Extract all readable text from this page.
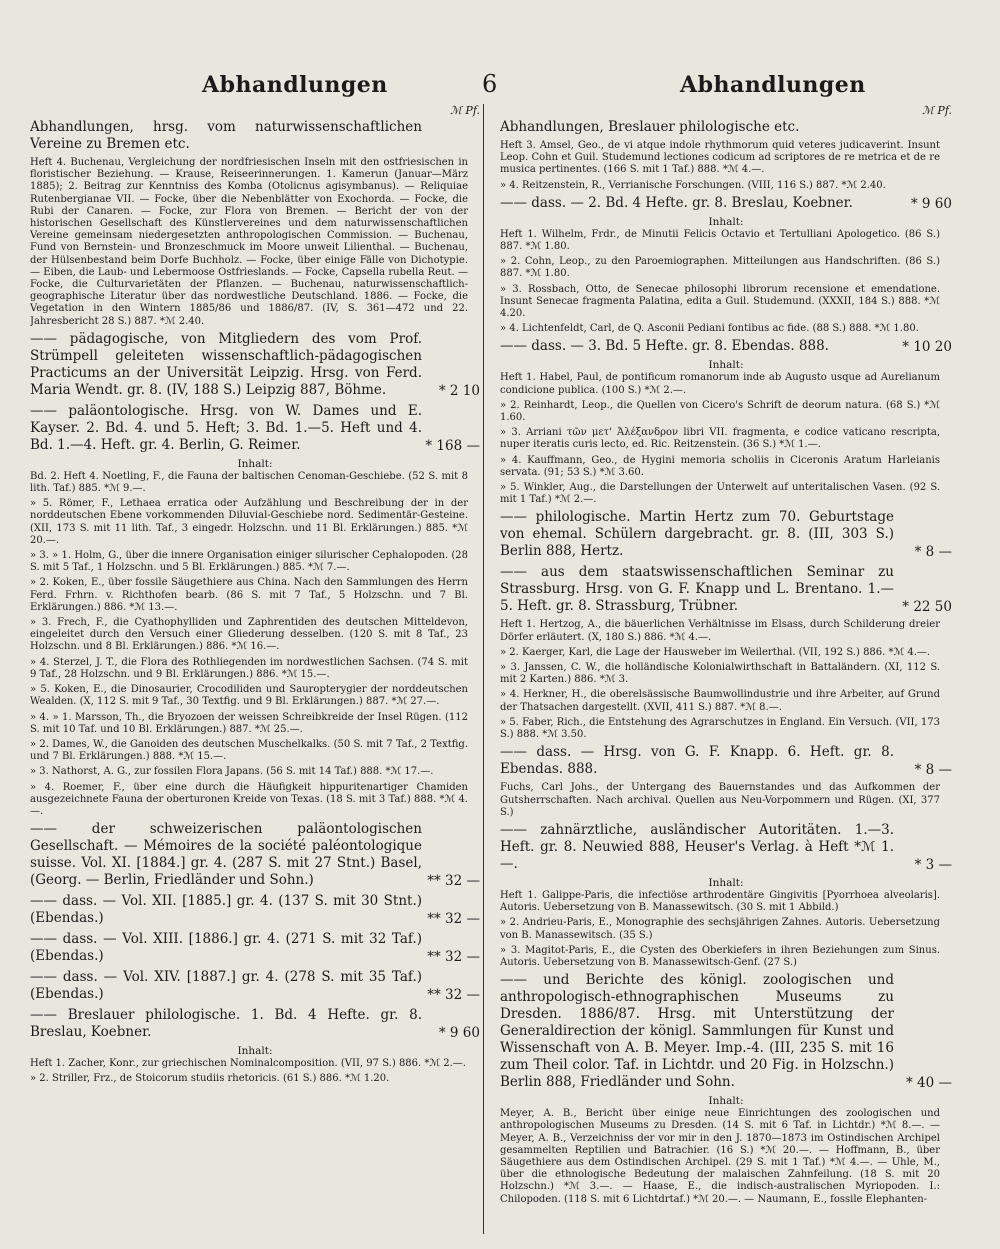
Abhandlungen	6	Abhandlungen
ℳ Pf.
Abhandlungen, hrsg. vom naturwissenschaftlichen Vereine zu Bremen etc.
Heft 4. Buchenau, Vergleichung der nordfriesischen Inseln mit den ostfriesischen in floristischer Beziehung. — Krause, Reiseerinnerungen. 1. Kamerun (Januar—März 1885); 2. Beitrag zur Kenntniss des Komba (Otolicnus agisymbanus). — Reliquiae Rutenbergianae VII. — Focke, über die Nebenblätter von Exochorda. — Focke, die Rubi der Canaren. — Focke, zur Flora von Bremen. — Bericht der von der historischen Gesellschaft des Künstlervereines und dem naturwissenschaftlichen Vereine gemeinsam niedergesetzten anthropologischen Commission. — Buchenau, Fund von Bernstein- und Bronzeschmuck im Moore unweit Lilienthal. — Buchenau, der Hülsenbestand beim Dorfe Buchholz. — Focke, über einige Fälle von Dichotypie. — Eiben, die Laub- und Lebermoose Ostfrieslands. — Focke, Capsella rubella Reut. — Focke, die Culturvarietäten der Pflanzen. — Buchenau, naturwissenschaftlich-geographische Literatur über das nordwestliche Deutschland. 1886. — Focke, die Vegetation in den Wintern 1885/86 und 1886/87. (IV, S. 361—472 und 22. Jahresbericht 28 S.) 887. *ℳ 2.40.
—— pädagogische, von Mitgliedern des vom Prof. Strümpell geleiteten wissenschaftlich-pädagogischen Practicums an der Universität Leipzig. Hrsg. von Ferd. Maria Wendt. gr. 8. (IV, 188 S.) Leipzig 887, Böhme.	* 2 10
—— paläontologische. Hrsg. von W. Dames und E. Kayser. 2. Bd. 4. und 5. Heft; 3. Bd. 1.—5. Heft und 4. Bd. 1.—4. Heft. gr. 4. Berlin, G. Reimer.	* 168 —
Inhalt:
Bd. 2. Heft 4. Noetling, F., die Fauna der baltischen Cenoman-Geschiebe. (52 S. mit 8 lith. Taf.) 885. *ℳ 9.—.
» 5. Römer, F., Lethaea erratica oder Aufzählung und Beschreibung der in der norddeutschen Ebene vorkommenden Diluvial-Geschiebe nord. Sedimentär-Gesteine. (XII, 173 S. mit 11 lith. Taf., 3 eingedr. Holzschn. und 11 Bl. Erklärungen.) 885. *ℳ 20.—.
» 3. » 1. Holm, G., über die innere Organisation einiger silurischer Cephalopoden. (28 S. mit 5 Taf., 1 Holzschn. und 5 Bl. Erklärungen.) 885. *ℳ 7.—.
» 2. Koken, E., über fossile Säugethiere aus China. Nach den Sammlungen des Herrn Ferd. Frhrn. v. Richthofen bearb. (86 S. mit 7 Taf., 5 Holzschn. und 7 Bl. Erklärungen.) 886. *ℳ 13.—.
» 3. Frech, F., die Cyathophylliden und Zaphrentiden des deutschen Mitteldevon, eingeleitet durch den Versuch einer Gliederung desselben. (120 S. mit 8 Taf., 23 Holzschn. und 8 Bl. Erklärungen.) 886. *ℳ 16.—.
» 4. Sterzel, J. T., die Flora des Rothliegenden im nordwestlichen Sachsen. (74 S. mit 9 Taf., 28 Holzschn. und 9 Bl. Erklärungen.) 886. *ℳ 15.—.
» 5. Koken, E., die Dinosaurier, Crocodiliden und Sauropterygier der norddeutschen Wealden. (X, 112 S. mit 9 Taf., 30 Textfig. und 9 Bl. Erklärungen.) 887. *ℳ 27.—.
» 4. » 1. Marsson, Th., die Bryozoen der weissen Schreibkreide der Insel Rügen. (112 S. mit 10 Taf. und 10 Bl. Erklärungen.) 887. *ℳ 25.—.
» 2. Dames, W., die Ganoiden des deutschen Muschelkalks. (50 S. mit 7 Taf., 2 Textfig. und 7 Bl. Erklärungen.) 888. *ℳ 15.—.
» 3. Nathorst, A. G., zur fossilen Flora Japans. (56 S. mit 14 Taf.) 888. *ℳ 17.—.
» 4. Roemer, F., über eine durch die Häufigkeit hippuritenartiger Chamiden ausgezeichnete Fauna der oberturonen Kreide von Texas. (18 S. mit 3 Taf.) 888. *ℳ 4.—.
—— der schweizerischen paläontologischen Gesellschaft. — Mémoires de la société paléontologique suisse. Vol. XI. [1884.] gr. 4. (287 S. mit 27 Stnt.) Basel, (Georg. — Berlin, Friedländer und Sohn.)	** 32 —
—— dass. — Vol. XII. [1885.] gr. 4. (137 S. mit 30 Stnt.) (Ebendas.)	** 32 —
—— dass. — Vol. XIII. [1886.] gr. 4. (271 S. mit 32 Taf.) (Ebendas.)	** 32 —
—— dass. — Vol. XIV. [1887.] gr. 4. (278 S. mit 35 Taf.) (Ebendas.)	** 32 —
—— Breslauer philologische. 1. Bd. 4 Hefte. gr. 8. Breslau, Koebner.	* 9 60
Inhalt:
Heft 1. Zacher, Konr., zur griechischen Nominalcomposition. (VII, 97 S.) 886. *ℳ 2.—.
» 2. Striller, Frz., de Stoicorum studiis rhetoricis. (61 S.) 886. *ℳ 1.20.
ℳ Pf.
Abhandlungen, Breslauer philologische etc.
Heft 3. Amsel, Geo., de vi atque indole rhythmorum quid veteres judicaverint. Insunt Leop. Cohn et Guil. Studemund lectiones codicum ad scriptores de re metrica et de re musica pertinentes. (166 S. mit 1 Taf.) 888. *ℳ 4.—.
» 4. Reitzenstein, R., Verrianische Forschungen. (VIII, 116 S.) 887. *ℳ 2.40.
—— dass. — 2. Bd. 4 Hefte. gr. 8. Breslau, Koebner.	* 9 60
Inhalt:
Heft 1. Wilhelm, Frdr., de Minutii Felicis Octavio et Tertulliani Apologetico. (86 S.) 887. *ℳ 1.80.
» 2. Cohn, Leop., zu den Paroemiographen. Mitteilungen aus Handschriften. (86 S.) 887. *ℳ 1.80.
» 3. Rossbach, Otto, de Senecae philosophi librorum recensione et emendatione. Insunt Senecae fragmenta Palatina, edita a Guil. Studemund. (XXXII, 184 S.) 888. *ℳ 4.20.
» 4. Lichtenfeldt, Carl, de Q. Asconii Pediani fontibus ac fide. (88 S.) 888. *ℳ 1.80.
—— dass. — 3. Bd. 5 Hefte. gr. 8. Ebendas. 888.	* 10 20
Inhalt:
Heft 1. Habel, Paul, de pontificum romanorum inde ab Augusto usque ad Aurelianum condicione publica. (100 S.) *ℳ 2.—.
» 2. Reinhardt, Leop., die Quellen von Cicero's Schrift de deorum natura. (68 S.) *ℳ 1.60.
» 3. Arriani τῶν μετ' Ἀλέξανδρον libri VII. fragmenta, e codice vaticano rescripta, nuper iteratis curis lecto, ed. Ric. Reitzenstein. (36 S.) *ℳ 1.—.
» 4. Kauffmann, Geo., de Hygini memoria scholiis in Ciceronis Aratum Harleianis servata. (91; 53 S.) *ℳ 3.60.
» 5. Winkler, Aug., die Darstellungen der Unterwelt auf unteritalischen Vasen. (92 S. mit 1 Taf.) *ℳ 2.—.
—— philologische. Martin Hertz zum 70. Geburtstage von ehemal. Schülern dargebracht. gr. 8. (III, 303 S.) Berlin 888, Hertz.	* 8 —
—— aus dem staatswissenschaftlichen Seminar zu Strassburg. Hrsg. von G. F. Knapp und L. Brentano. 1.—5. Heft. gr. 8. Strassburg, Trübner.	* 22 50
Heft 1. Hertzog, A., die bäuerlichen Verhältnisse im Elsass, durch Schilderung dreier Dörfer erläutert. (X, 180 S.) 886. *ℳ 4.—.
» 2. Kaerger, Karl, die Lage der Hausweber im Weilerthal. (VII, 192 S.) 886. *ℳ 4.—.
» 3. Janssen, C. W., die holländische Kolonialwirthschaft in Battaländern. (XI, 112 S. mit 2 Karten.) 886. *ℳ 3.
» 4. Herkner, H., die oberelsässische Baumwollindustrie und ihre Arbeiter, auf Grund der Thatsachen dargestellt. (XVII, 411 S.) 887. *ℳ 8.—.
» 5. Faber, Rich., die Entstehung des Agrarschutzes in England. Ein Versuch. (VII, 173 S.) 888. *ℳ 3.50.
—— dass. — Hrsg. von G. F. Knapp. 6. Heft. gr. 8. Ebendas. 888.	* 8 —
Fuchs, Carl Johs., der Untergang des Bauernstandes und das Aufkommen der Gutsherrschaften. Nach archival. Quellen aus Neu-Vorpommern und Rügen. (XI, 377 S.)
—— zahnärztliche, ausländischer Autoritäten. 1.—3. Heft. gr. 8. Neuwied 888, Heuser's Verlag. à Heft *ℳ 1.—.	* 3 —
Inhalt:
Heft 1. Galippe-Paris, die infectiöse arthrodentäre Gingivitis [Pyorrhoea alveolaris]. Autoris. Uebersetzung von B. Manassewitsch. (30 S. mit 1 Abbild.)
» 2. Andrieu-Paris, E., Monographie des sechsjährigen Zahnes. Autoris. Uebersetzung von B. Manassewitsch. (35 S.)
» 3. Magitot-Paris, E., die Cysten des Oberkiefers in ihren Beziehungen zum Sinus. Autoris. Uebersetzung von B. Manassewitsch-Genf. (27 S.)
—— und Berichte des königl. zoologischen und anthropologisch-ethnographischen Museums zu Dresden. 1886/87. Hrsg. mit Unterstützung der Generaldirection der königl. Sammlungen für Kunst und Wissenschaft von A. B. Meyer. Imp.-4. (III, 235 S. mit 16 zum Theil color. Taf. in Lichtdr. und 20 Fig. in Holzschn.) Berlin 888, Friedländer und Sohn.	* 40 —
Inhalt:
Meyer, A. B., Bericht über einige neue Einrichtungen des zoologischen und anthropologischen Museums zu Dresden. (14 S. mit 6 Taf. in Lichtdr.) *ℳ 8.—. — Meyer, A. B., Verzeichniss der vor mir in den J. 1870—1873 im Ostindischen Archipel gesammelten Reptilien und Batrachier. (16 S.) *ℳ 20.—. — Hoffmann, B., über Säugethiere aus dem Ostindischen Archipel. (29 S. mit 1 Taf.) *ℳ 4.—. — Uhle, M., über die ethnologische Bedeutung der malaischen Zahnfeilung. (18 S. mit 20 Holzschn.) *ℳ 3.—. — Haase, E., die indisch-australischen Myriopoden. I.: Chilopoden. (118 S. mit 6 Lichtdrtaf.) *ℳ 20.—. — Naumann, E., fossile Elephanten-
